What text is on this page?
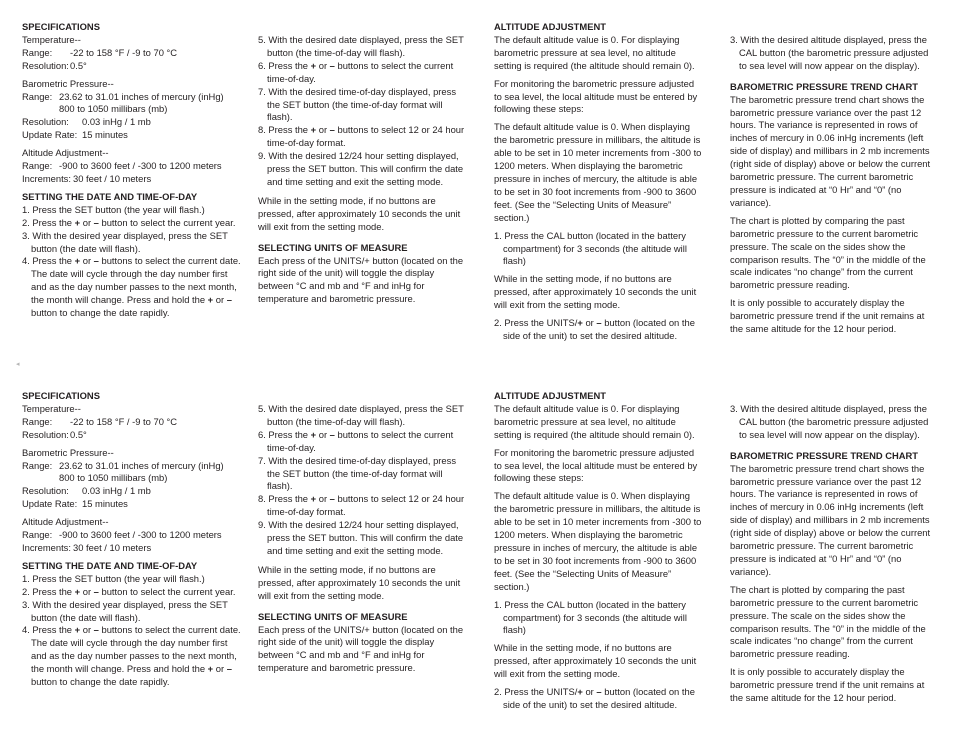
SPECIFICATIONS

Temperature--

Range: -22 to 158 °F / -9 to 70 °C

Resolution:0.5°

Barometric Pressure--

Range: 23.62 to 31.01 inches of mercury (inHg)

800 to 1050 millibars (mb)

Resolution: 0.03 inHg / 1 mb

Update Rate: 15 minutes

Altitude Adjustment--

Range: -900 to 3600 feet / -300 to 1200 meters

Increments: 30 feet / 10 meters

SETTING THE DATE AND TIME-OF-DAY

1. Press the SET button (the year will flash.)

2. Press the + or – button to select the current year.
3. With the desired year displayed, press the SET button (the date will flash).
4. Press the + or – buttons to select the current date. The date will cycle through the day number first and as the day number passes to the next month, the month will change. Press and hold the + or – button to change the date rapidly.
5. With the desired date displayed, press the SET button (the time-of-day will flash).
6. Press the + or – buttons to select the current time-of-day.
7. With the desired time-of-day displayed, press the SET button (the time-of-day format will flash).
8. Press the + or – buttons to select 12 or 24 hour time-of-day format.
9. With the desired 12/24 hour setting displayed, press the SET button. This will confirm the date and time setting and exit the setting mode.

While in the setting mode, if no buttons are pressed, after approximately 10 seconds the unit will exit from the setting mode.

SELECTING UNITS OF MEASURE

Each press of the UNITS/+ button (located on the right side of the unit) will toggle the display between °C and mb and °F and inHg for temperature and barometric pressure.

ALTITUDE ADJUSTMENT

The default altitude value is 0. For displaying barometric pressure at sea level, no altitude setting is required (the altitude should remain 0).

For monitoring the barometric pressure adjusted to sea level, the local altitude must be entered by following these steps:

The default altitude value is 0. When displaying the barometric pressure in millibars, the altitude is able to be set in 10 meter increments from -300 to 1200 meters. When displaying the barometric pressure in inches of mercury, the altitude is able to be set in 30 foot increments from -900 to 3600 feet. (See the “Selecting Units of Measure” section.)

1. Press the CAL button (located in the battery compartment) for 3 seconds (the altitude will flash)

While in the setting mode, if no buttons are pressed, after approximately 10 seconds the unit will exit from the setting mode.

2. Press the UNITS/+ or – button (located on the side of the unit) to set the desired altitude.
3. With the desired altitude displayed, press the CAL button (the barometric pressure adjusted to sea level will now appear on the display).

BAROMETRIC PRESSURE TREND CHART

The barometric pressure trend chart shows the barometric pressure variance over the past 12 hours. The variance is represented in rows of inches of mercury in 0.06 inHg increments (left side of display) and millibars in 2 mb increments (right side of display) above or below the current barometric pressure. The current barometric pressure is indicated at “0 Hr” and “0” (no variance).

The chart is plotted by comparing the past barometric pressure to the current barometric pressure. The scale on the sides show the comparison results. The “0” in the middle of the scale indicates “no change” from the current barometric pressure reading.

It is only possible to accurately display the barometric pressure trend if the unit remains at the same altitude for the 12 hour period.

◂

SPECIFICATIONS

Temperature--

Range: -22 to 158 °F / -9 to 70 °C

Resolution:0.5°

Barometric Pressure--

Range: 23.62 to 31.01 inches of mercury (inHg)

800 to 1050 millibars (mb)

Resolution: 0.03 inHg / 1 mb

Update Rate: 15 minutes

Altitude Adjustment--

Range: -900 to 3600 feet / -300 to 1200 meters

Increments: 30 feet / 10 meters

SETTING THE DATE AND TIME-OF-DAY

1. Press the SET button (the year will flash.)

2. Press the + or – button to select the current year.
3. With the desired year displayed, press the SET button (the date will flash).
4. Press the + or – buttons to select the current date. The date will cycle through the day number first and as the day number passes to the next month, the month will change. Press and hold the + or – button to change the date rapidly.
5. With the desired date displayed, press the SET button (the time-of-day will flash).
6. Press the + or – buttons to select the current time-of-day.
7. With the desired time-of-day displayed, press the SET button (the time-of-day format will flash).
8. Press the + or – buttons to select 12 or 24 hour time-of-day format.
9. With the desired 12/24 hour setting displayed, press the SET button. This will confirm the date and time setting and exit the setting mode.

While in the setting mode, if no buttons are pressed, after approximately 10 seconds the unit will exit from the setting mode.

SELECTING UNITS OF MEASURE

Each press of the UNITS/+ button (located on the right side of the unit) will toggle the display between °C and mb and °F and inHg for temperature and barometric pressure.

ALTITUDE ADJUSTMENT

The default altitude value is 0. For displaying barometric pressure at sea level, no altitude setting is required (the altitude should remain 0).

For monitoring the barometric pressure adjusted to sea level, the local altitude must be entered by following these steps:

The default altitude value is 0. When displaying the barometric pressure in millibars, the altitude is able to be set in 10 meter increments from -300 to 1200 meters. When displaying the barometric pressure in inches of mercury, the altitude is able to be set in 30 foot increments from -900 to 3600 feet. (See the “Selecting Units of Measure” section.)

1. Press the CAL button (located in the battery compartment) for 3 seconds (the altitude will flash)

While in the setting mode, if no buttons are pressed, after approximately 10 seconds the unit will exit from the setting mode.

2. Press the UNITS/+ or – button (located on the side of the unit) to set the desired altitude.
3. With the desired altitude displayed, press the CAL button (the barometric pressure adjusted to sea level will now appear on the display).

BAROMETRIC PRESSURE TREND CHART

The barometric pressure trend chart shows the barometric pressure variance over the past 12 hours. The variance is represented in rows of inches of mercury in 0.06 inHg increments (left side of display) and millibars in 2 mb increments (right side of display) above or below the current barometric pressure. The current barometric pressure is indicated at “0 Hr” and “0” (no variance).

The chart is plotted by comparing the past barometric pressure to the current barometric pressure. The scale on the sides show the comparison results. The “0” in the middle of the scale indicates “no change” from the current barometric pressure reading.

It is only possible to accurately display the barometric pressure trend if the unit remains at the same altitude for the 12 hour period.
